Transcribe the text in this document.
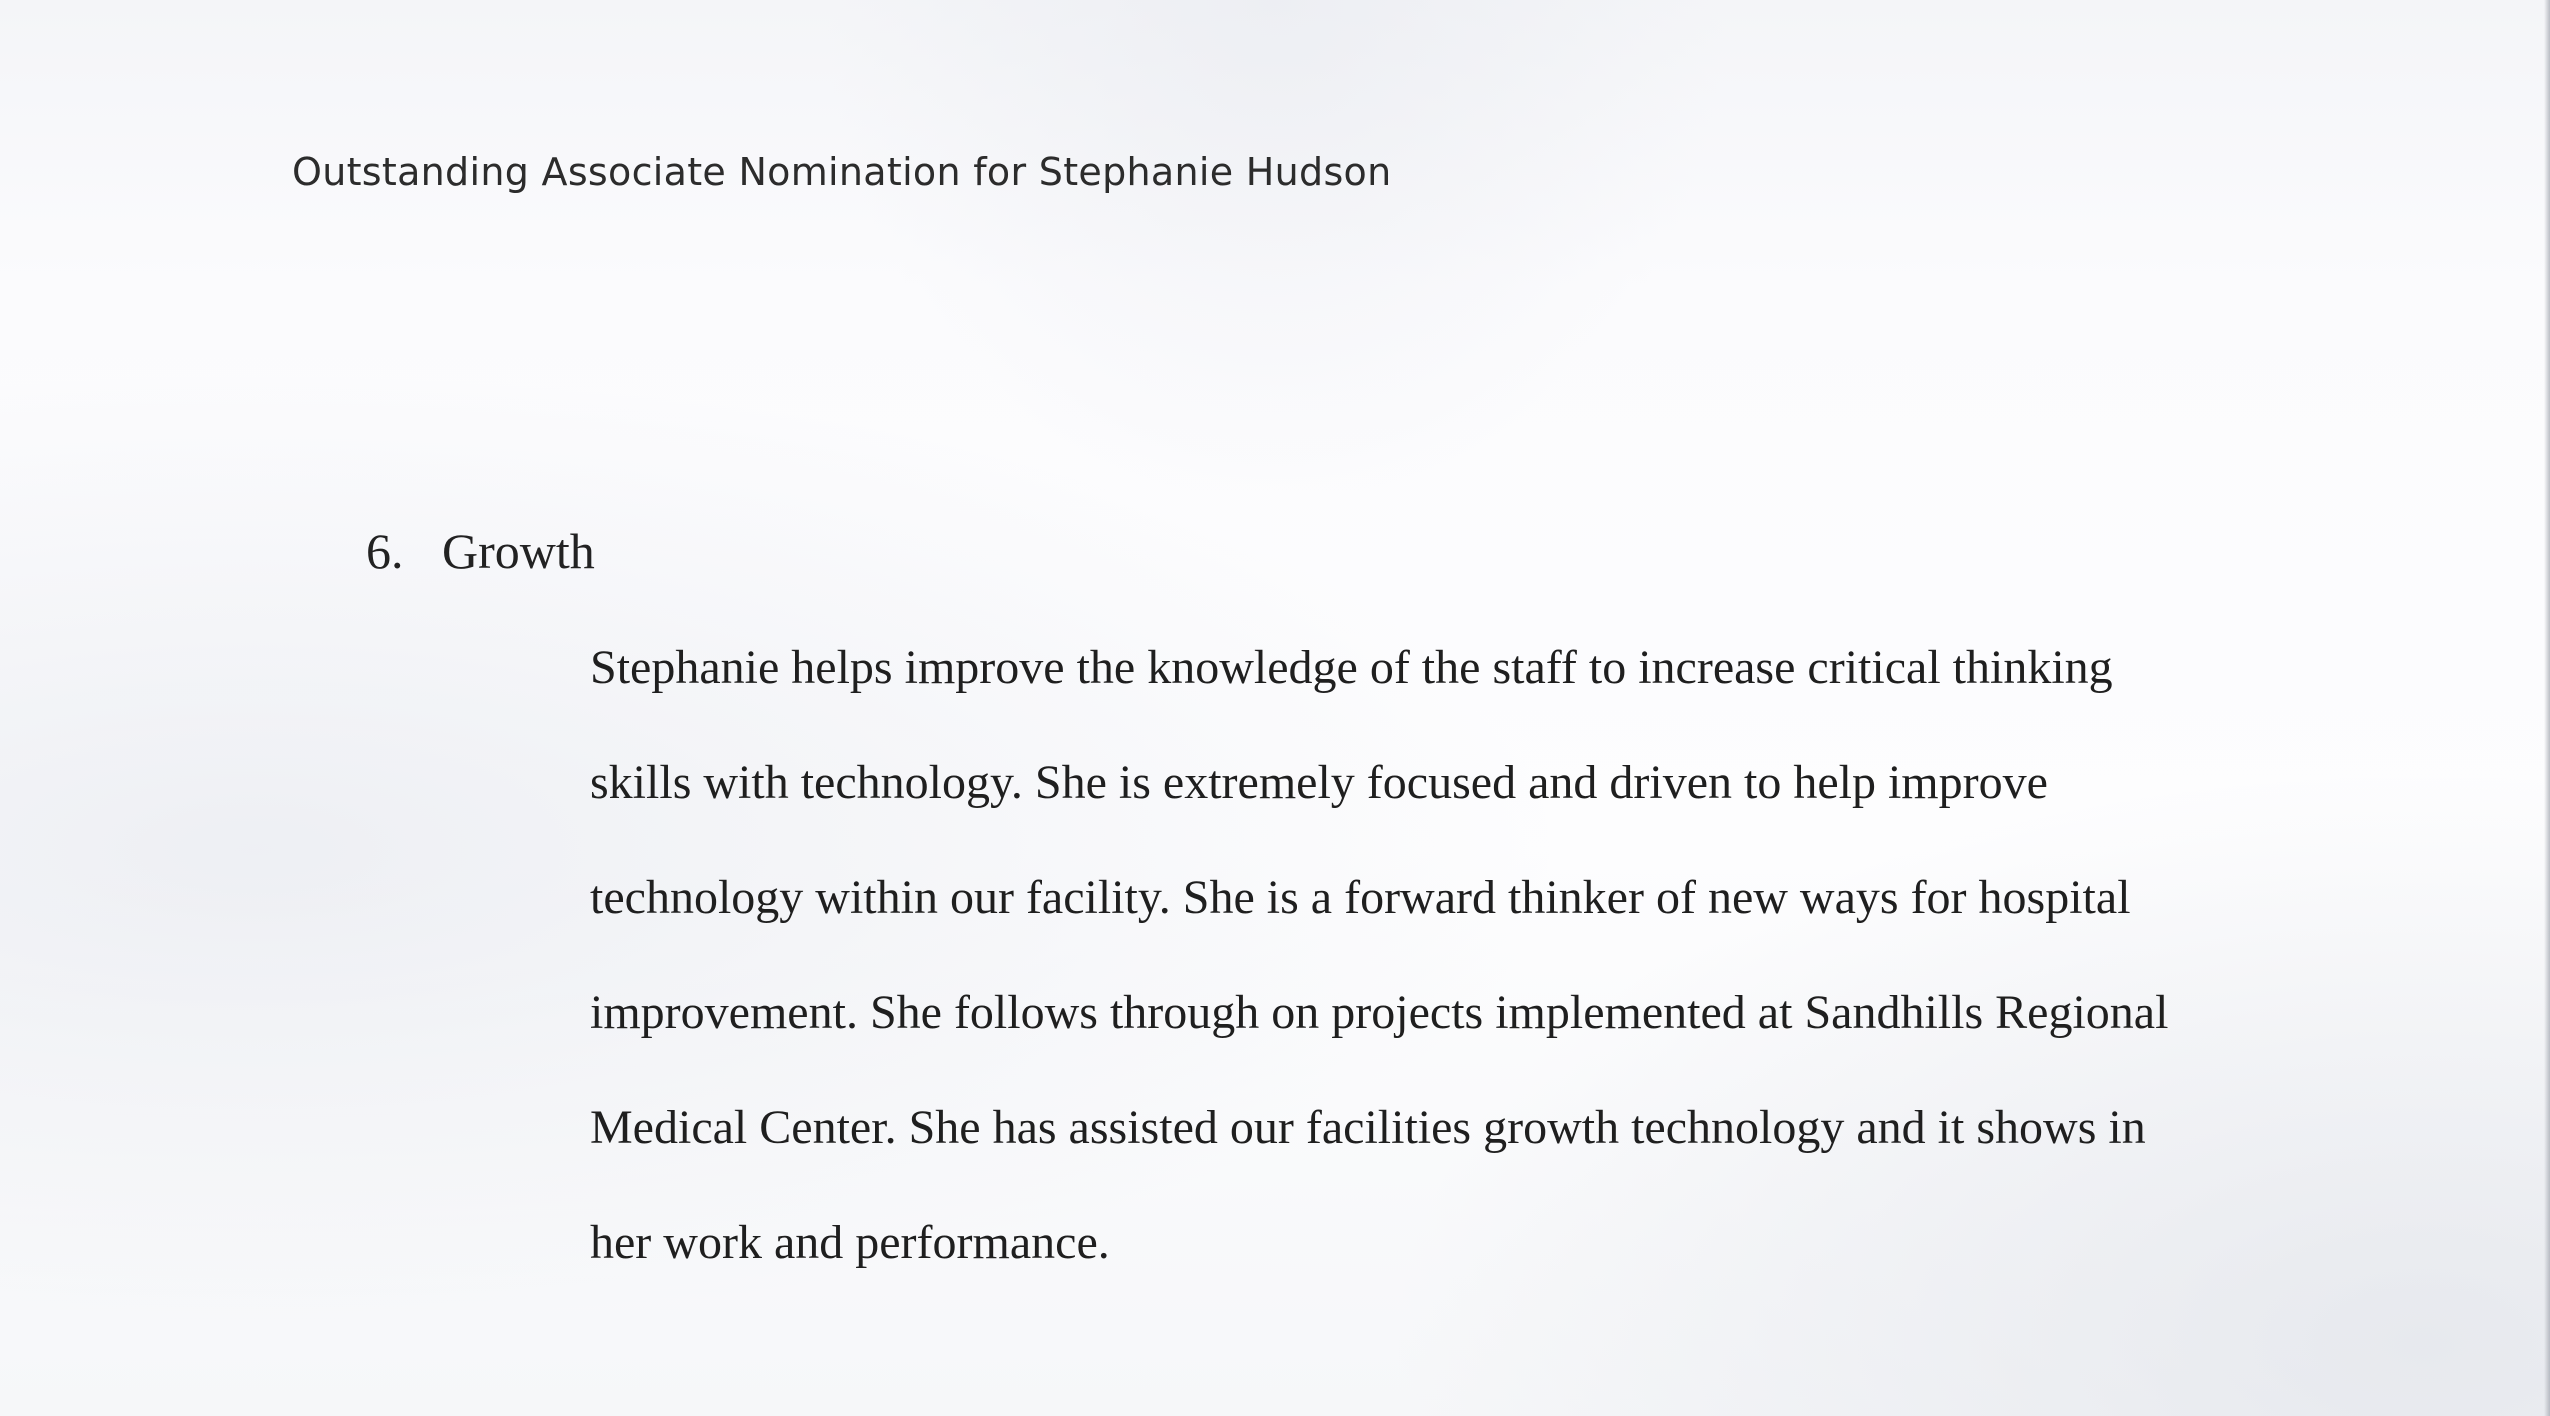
Outstanding Associate Nomination for Stephanie Hudson
6. Growth
Stephanie helps improve the knowledge of the staff to increase critical thinking
skills with technology. She is extremely focused and driven to help improve
technology within our facility. She is a forward thinker of new ways for hospital
improvement. She follows through on projects implemented at Sandhills Regional
Medical Center. She has assisted our facilities growth technology and it shows in
her work and performance.
